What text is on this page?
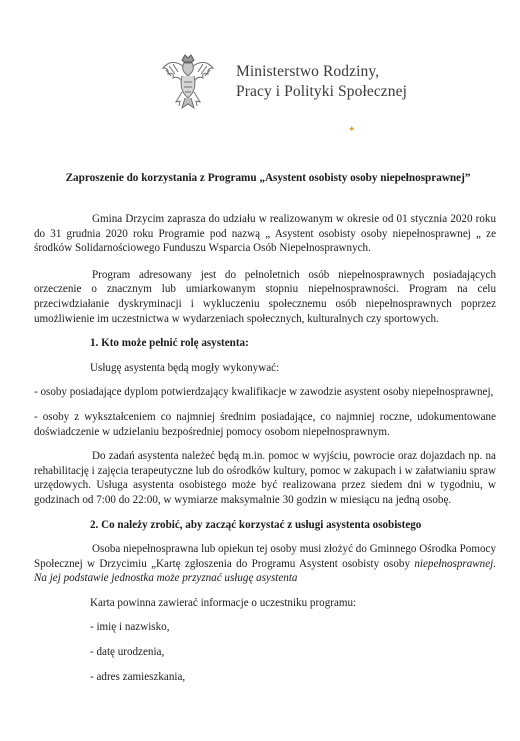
Ministerstwo Rodziny,
Pracy i Polityki Społecznej
✦
Zaproszenie do korzystania z Programu „Asystent osobisty osoby niepełnosprawnej”

Gmina Drzycim zaprasza do udziału w realizowanym w okresie od 01 stycznia 2020 roku do 31 grudnia 2020 roku Programie pod nazwą „ Asystent osobisty osoby niepełnosprawnej „ ze środków Solidarnościowego Funduszu Wsparcia Osób Niepełnosprawnych.

Program adresowany jest do pełnoletnich osób niepełnosprawnych posiadających orzeczenie o znacznym lub umiarkowanym stopniu niepełnosprawności. Program na celu przeciwdziałanie dyskryminacji i wykluczeniu społecznemu osób niepełnosprawnych poprzez umożliwienie im uczestnictwa w wydarzeniach społecznych, kulturalnych czy sportowych.

1. Kto może pełnić rolę asystenta:

Usługę asystenta będą mogły wykonywać:

- osoby posiadające dyplom potwierdzający kwalifikacje w zawodzie asystent osoby niepełnosprawnej,

- osoby z wykształceniem co najmniej średnim posiadające, co najmniej roczne, udokumentowane doświadczenie w udzielaniu bezpośredniej pomocy osobom niepełnosprawnym.

Do zadań asystenta należeć będą m.in. pomoc w wyjściu, powrocie oraz dojazdach np. na rehabilitację i zajęcia terapeutyczne lub do ośrodków kultury, pomoc w zakupach i w załatwianiu spraw urzędowych. Usługa asystenta osobistego może być realizowana przez siedem dni w tygodniu, w godzinach od 7:00 do 22:00, w wymiarze maksymalnie 30 godzin w miesiącu na jedną osobę.

2. Co należy zrobić, aby zacząć korzystać z usługi asystenta osobistego

Osoba niepełnosprawna lub opiekun tej osoby musi złożyć do Gminnego Ośrodka Pomocy Społecznej w Drzycimiu „Kartę zgłoszenia do Programu Asystent osobisty osoby niepełnosprawnej. Na jej podstawie jednostka może przyznać usługę asystenta

Karta powinna zawierać informacje o uczestniku programu:

- imię i nazwisko,

- datę urodzenia,

- adres zamieszkania,
